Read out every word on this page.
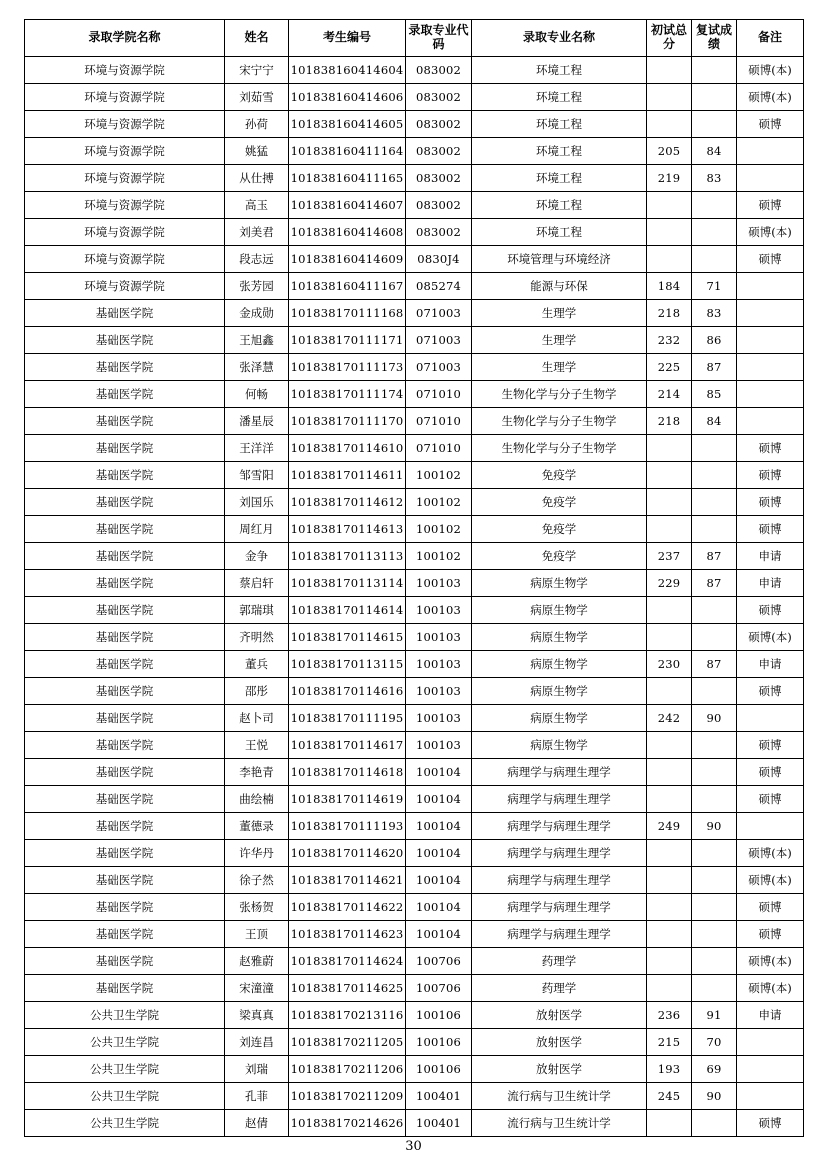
录取学院名称	姓名	考生编号	录取专业代码	录取专业名称	初试总分	复试成绩	备注
环境与资源学院	宋宁宁	101838160414604	083002	环境工程			硕博(本)
环境与资源学院	刘茹雪	101838160414606	083002	环境工程			硕博(本)
环境与资源学院	孙荷	101838160414605	083002	环境工程			硕博
环境与资源学院	姚猛	101838160411164	083002	环境工程	205	84	
环境与资源学院	从仕搏	101838160411165	083002	环境工程	219	83	
环境与资源学院	高玉	101838160414607	083002	环境工程			硕博
环境与资源学院	刘美君	101838160414608	083002	环境工程			硕博(本)
环境与资源学院	段志远	101838160414609	0830J4	环境管理与环境经济			硕博
环境与资源学院	张芳园	101838160411167	085274	能源与环保	184	71	
基础医学院	金成勋	101838170111168	071003	生理学	218	83	
基础医学院	王旭鑫	101838170111171	071003	生理学	232	86	
基础医学院	张泽慧	101838170111173	071003	生理学	225	87	
基础医学院	何畅	101838170111174	071010	生物化学与分子生物学	214	85	
基础医学院	潘星辰	101838170111170	071010	生物化学与分子生物学	218	84	
基础医学院	王洋洋	101838170114610	071010	生物化学与分子生物学			硕博
基础医学院	邹雪阳	101838170114611	100102	免疫学			硕博
基础医学院	刘国乐	101838170114612	100102	免疫学			硕博
基础医学院	周红月	101838170114613	100102	免疫学			硕博
基础医学院	金争	101838170113113	100102	免疫学	237	87	申请
基础医学院	蔡启轩	101838170113114	100103	病原生物学	229	87	申请
基础医学院	郭瑞琪	101838170114614	100103	病原生物学			硕博
基础医学院	齐明然	101838170114615	100103	病原生物学			硕博(本)
基础医学院	董兵	101838170113115	100103	病原生物学	230	87	申请
基础医学院	邵彤	101838170114616	100103	病原生物学			硕博
基础医学院	赵卜司	101838170111195	100103	病原生物学	242	90	
基础医学院	王悦	101838170114617	100103	病原生物学			硕博
基础医学院	李艳青	101838170114618	100104	病理学与病理生理学			硕博
基础医学院	曲绘楠	101838170114619	100104	病理学与病理生理学			硕博
基础医学院	董德录	101838170111193	100104	病理学与病理生理学	249	90	
基础医学院	许华丹	101838170114620	100104	病理学与病理生理学			硕博(本)
基础医学院	徐子然	101838170114621	100104	病理学与病理生理学			硕博(本)
基础医学院	张杨贺	101838170114622	100104	病理学与病理生理学			硕博
基础医学院	王顶	101838170114623	100104	病理学与病理生理学			硕博
基础医学院	赵雅蔚	101838170114624	100706	药理学			硕博(本)
基础医学院	宋潼潼	101838170114625	100706	药理学			硕博(本)
公共卫生学院	梁真真	101838170213116	100106	放射医学	236	91	申请
公共卫生学院	刘连昌	101838170211205	100106	放射医学	215	70	
公共卫生学院	刘瑞	101838170211206	100106	放射医学	193	69	
公共卫生学院	孔菲	101838170211209	100401	流行病与卫生统计学	245	90	
公共卫生学院	赵倩	101838170214626	100401	流行病与卫生统计学			硕博
30
